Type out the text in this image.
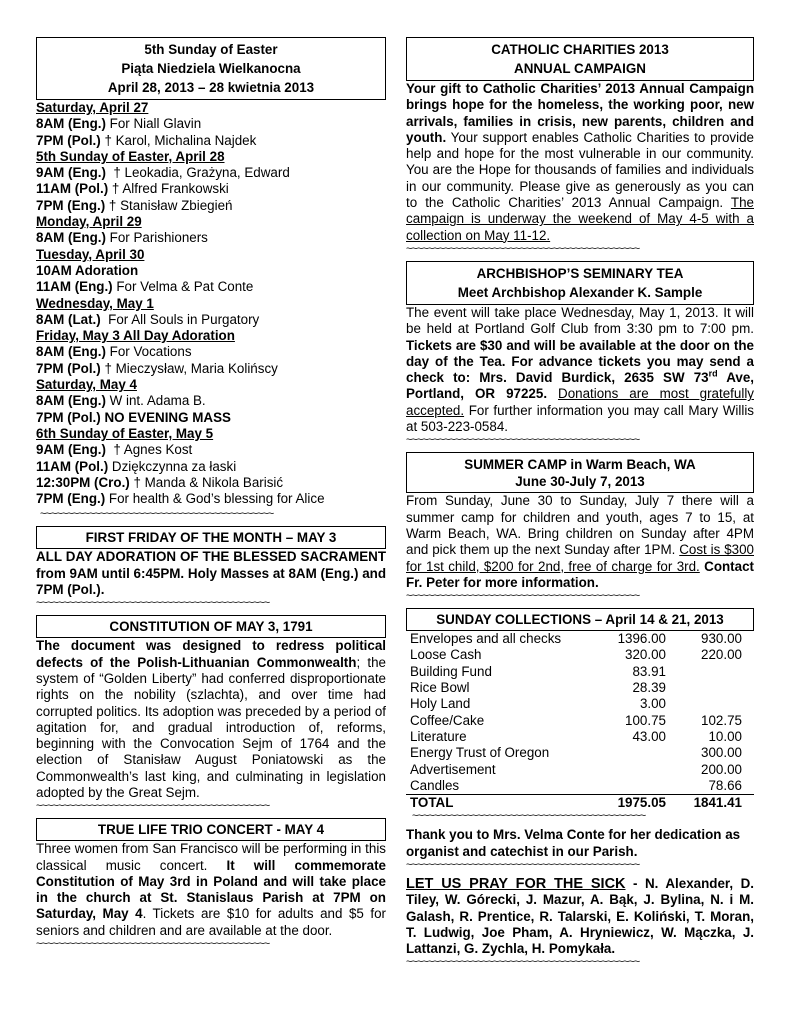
5th Sunday of Easter
Piąta Niedziela Wielkanocna
April 28, 2013 – 28 kwietnia 2013
Saturday, April 27
8AM (Eng.) For Niall Glavin
7PM (Pol.) † Karol, Michalina Najdek
5th Sunday of Easter, April 28
9AM (Eng.)  † Leokadia, Grażyna, Edward
11AM (Pol.) † Alfred Frankowski
7PM (Eng.) † Stanisław Zbiegień
Monday, April 29
8AM (Eng.) For Parishioners
Tuesday, April 30
10AM Adoration
11AM (Eng.) For Velma & Pat Conte
Wednesday, May 1
8AM (Lat.)  For All Souls in Purgatory
Friday, May 3 All Day Adoration
8AM (Eng.) For Vocations
7PM (Pol.) † Mieczysław, Maria Kolińscy
Saturday, May 4
8AM (Eng.) W int. Adama B.
7PM (Pol.) NO EVENING MASS
6th Sunday of Easter, May 5
9AM (Eng.)  † Agnes Kost
11AM (Pol.) Dziękczynna za łaski
12:30PM (Cro.) † Manda & Nikola Barisić
7PM (Eng.) For health & God’s blessing for Alice
~~~~~~~~~~~~~~~~~~~~~~~~~~~~~~~~~~~~~~~~~~~
FIRST FRIDAY OF THE MONTH – MAY 3

ALL DAY ADORATION OF THE BLESSED SACRAMENT from 9AM until 6:45PM. Holy Masses at 8AM (Eng.) and 7PM (Pol.).

~~~~~~~~~~~~~~~~~~~~~~~~~~~~~~~~~~~~~~~~~~~
CONSTITUTION OF MAY 3, 1791

The document was designed to redress political defects of the Polish-Lithuanian Commonwealth; the system of “Golden Liberty” had conferred disproportionate rights on the nobility (szlachta), and over time had corrupted politics. Its adoption was preceded by a period of agitation for, and gradual introduction of, reforms, beginning with the Convocation Sejm of 1764 and the election of Stanisław August Poniatowski as the Commonwealth’s last king, and culminating in legislation adopted by the Great Sejm.

~~~~~~~~~~~~~~~~~~~~~~~~~~~~~~~~~~~~~~~~~~~
TRUE LIFE TRIO CONCERT - MAY 4

Three women from San Francisco will be performing in this classical music concert. It will commemorate Constitution of May 3rd in Poland and will take place in the church at St. Stanislaus Parish at 7PM on Saturday, May 4. Tickets are $10 for adults and $5 for seniors and children and are available at the door.

~~~~~~~~~~~~~~~~~~~~~~~~~~~~~~~~~~~~~~~~~~~
CATHOLIC CHARITIES 2013
ANNUAL CAMPAIGN

Your gift to Catholic Charities’ 2013 Annual Campaign brings hope for the homeless, the working poor, new arrivals, families in crisis, new parents, children and youth. Your support enables Catholic Charities to provide help and hope for the most vulnerable in our community. You are the Hope for thousands of families and individuals in our community. Please give as generously as you can to the Catholic Charities’ 2013 Annual Campaign. The campaign is underway the weekend of May 4-5 with a collection on May 11-12.

~~~~~~~~~~~~~~~~~~~~~~~~~~~~~~~~~~~~~~~~~~~
ARCHBISHOP’S SEMINARY TEA
Meet Archbishop Alexander K. Sample

The event will take place Wednesday, May 1, 2013. It will be held at Portland Golf Club from 3:30 pm to 7:00 pm. Tickets are $30 and will be available at the door on the day of the Tea. For advance tickets you may send a check to: Mrs. David Burdick, 2635 SW 73rd Ave, Portland, OR 97225. Donations are most gratefully accepted. For further information you may call Mary Willis at 503-223-0584.

~~~~~~~~~~~~~~~~~~~~~~~~~~~~~~~~~~~~~~~~~~~
SUMMER CAMP in Warm Beach, WA
June 30-July 7, 2013

From Sunday, June 30 to Sunday, July 7 there will a summer camp for children and youth, ages 7 to 15, at Warm Beach, WA. Bring children on Sunday after 4PM and pick them up the next Sunday after 1PM. Cost is $300 for 1st child, $200 for 2nd, free of charge for 3rd. Contact Fr. Peter for more information.

~~~~~~~~~~~~~~~~~~~~~~~~~~~~~~~~~~~~~~~~~~~
SUNDAY COLLECTIONS – April 14 & 21, 2013
Envelopes and all checks	1396.00	930.00
Loose Cash	320.00	220.00
Building Fund	83.91	
Rice Bowl	28.39	
Holy Land	3.00	
Coffee/Cake	100.75	102.75
Literature	43.00	10.00
Energy Trust of Oregon		300.00
Advertisement		200.00
Candles		78.66
TOTAL	1975.05	1841.41
~~~~~~~~~~~~~~~~~~~~~~~~~~~~~~~~~~~~~~~~~~~

Thank you to Mrs. Velma Conte for her dedication as organist and catechist in our Parish.

~~~~~~~~~~~~~~~~~~~~~~~~~~~~~~~~~~~~~~~~~~~

LET US PRAY FOR THE SICK - N. Alexander, D. Tiley, W. Górecki, J. Mazur, A. Bąk, J. Bylina, N. i M. Galash, R. Prentice, R. Talarski, E. Koliński, T. Moran, T. Ludwig, Joe Pham, A. Hryniewicz, W. Mączka, J. Lattanzi, G. Zychla, H. Pomykała.

~~~~~~~~~~~~~~~~~~~~~~~~~~~~~~~~~~~~~~~~~~~
